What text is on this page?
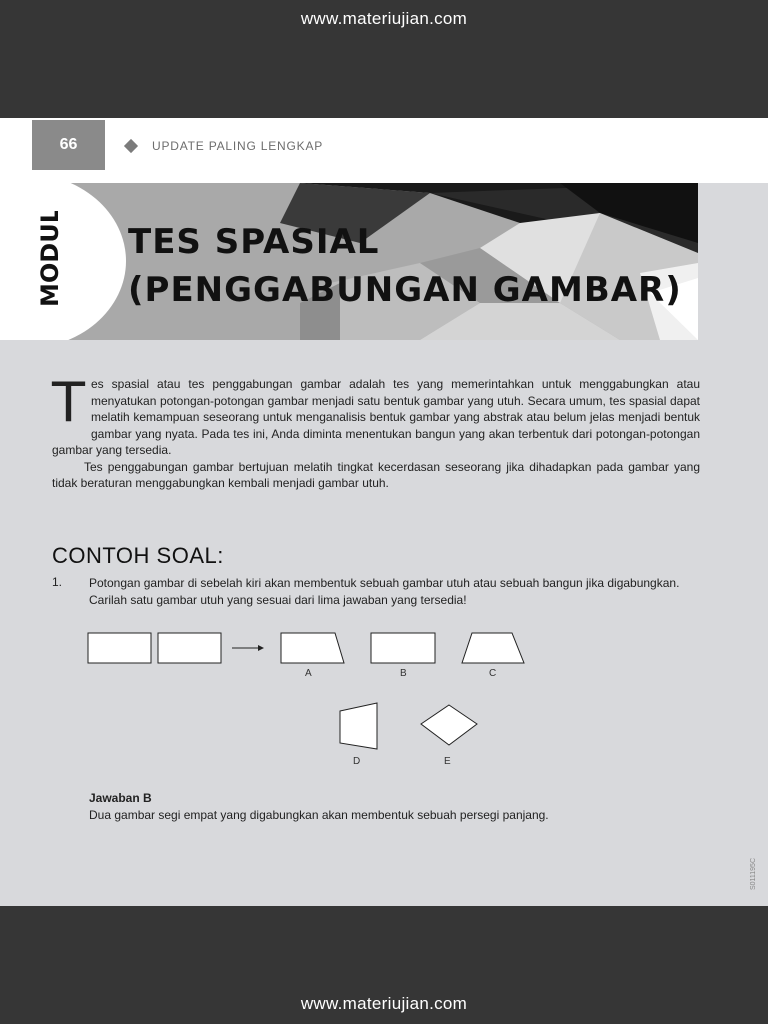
www.materiujian.com
66	UPDATE PALING LENGKAP
MODUL 7 TES SPASIAL
(PENGGABUNGAN GAMBAR)
T es spasial atau tes penggabungan gambar adalah tes yang memerintahkan untuk menggabungkan atau menyatukan potongan-potongan gambar menjadi satu bentuk gambar yang utuh. Secara umum, tes spasial dapat melatih kemampuan seseorang untuk menganalisis bentuk gambar yang abstrak atau belum jelas menjadi bentuk gambar yang nyata. Pada tes ini, Anda diminta menentukan bangun yang akan terbentuk dari potongan-potongan gambar yang tersedia.

Tes penggabungan gambar bertujuan melatih tingkat kecerdasan seseorang jika dihadapkan pada gambar yang tidak beraturan menggabungkan kembali menjadi gambar utuh.

CONTOH SOAL:
1. Potongan gambar di sebelah kiri akan membentuk sebuah gambar utuh atau sebuah bangun jika digabungkan. Carilah satu gambar utuh yang sesuai dari lima jawaban yang tersedia!
A	B	C
D	E
Jawaban B
Dua gambar segi empat yang digabungkan akan membentuk sebuah persegi panjang.
S011195C
www.materiujian.com
